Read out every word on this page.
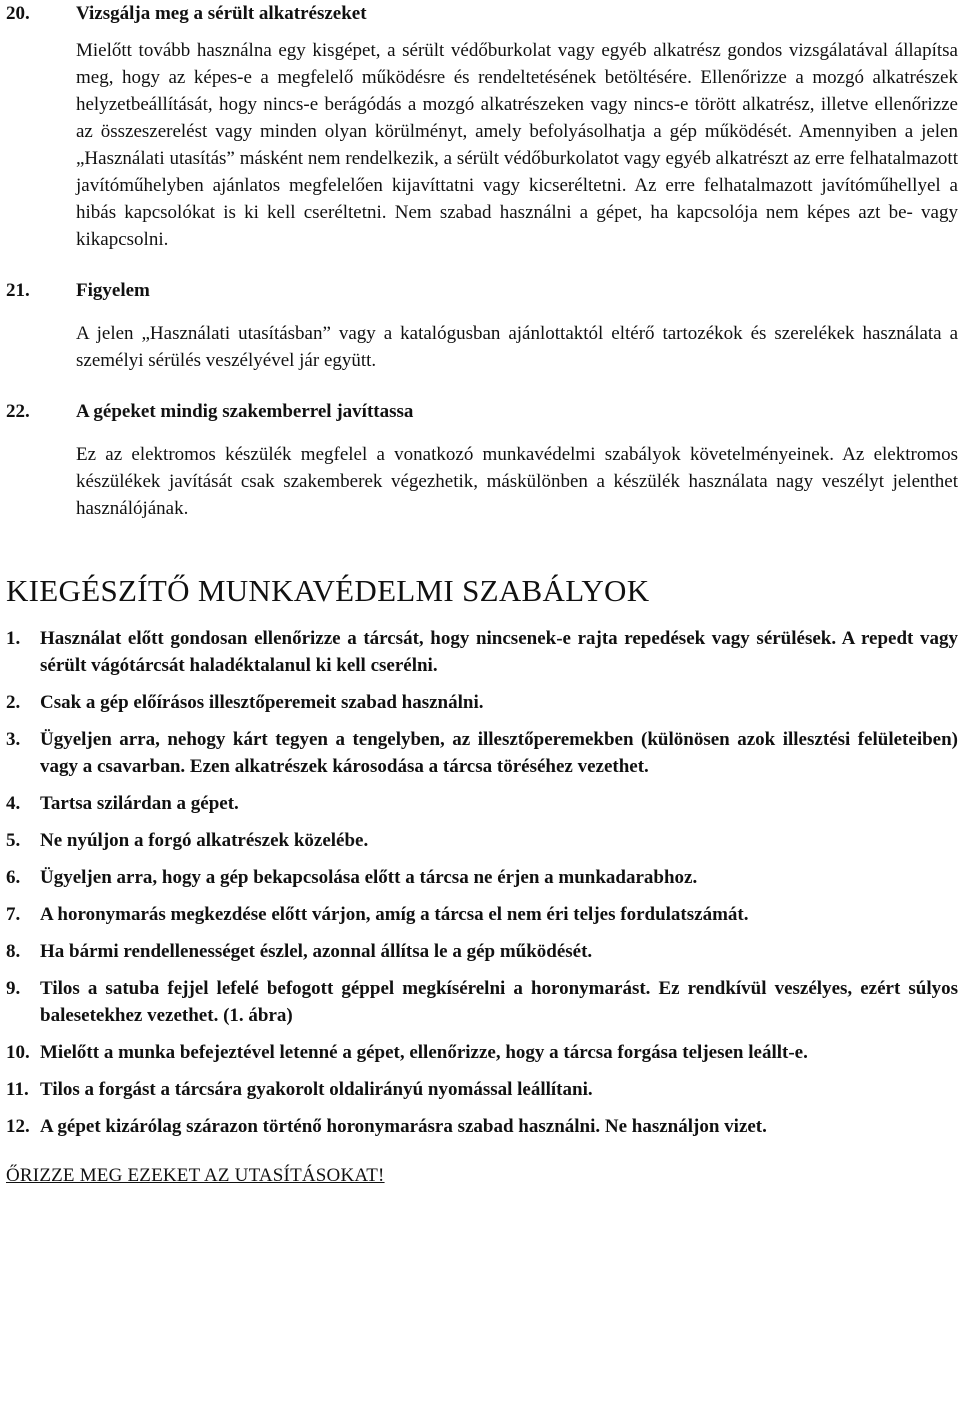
20.	Vizsgálja meg a sérült alkatrészeket
Mielőtt tovább használna egy kisgépet, a sérült védőburkolat vagy egyéb alkatrész gondos vizsgálatával állapítsa meg, hogy az képes-e a megfelelő működésre és rendeltetésének betöltésére. Ellenőrizze a mozgó alkatrészek helyzetbeállítását, hogy nincs-e berágódás a mozgó alkatrészeken vagy nincs-e törött alkatrész, illetve ellenőrizze az összeszerelést vagy minden olyan körülményt, amely befolyásolhatja a gép működését. Amennyiben a jelen „Használati utasítás” másként nem rendelkezik, a sérült védőburkolatot vagy egyéb alkatrészt az erre felhatalmazott javítóműhelyben ajánlatos megfelelően kijavíttatni vagy kicseréltetni. Az erre felhatalmazott javítóműhellyel a hibás kapcsolókat is ki kell cseréltetni. Nem szabad használni a gépet, ha kapcsolója nem képes azt be- vagy kikapcsolni.
21.	Figyelem
A jelen „Használati utasításban” vagy a katalógusban ajánlottaktól eltérő tartozékok és szerelékek használata a személyi sérülés veszélyével jár együtt.
22.	A gépeket mindig szakemberrel javíttassa
Ez az elektromos készülék megfelel a vonatkozó munkavédelmi szabályok követelményeinek. Az elektromos készülékek javítását csak szakemberek végezhetik, máskülönben a készülék használata nagy veszélyt jelenthet használójának.
KIEGÉSZÍTŐ MUNKAVÉDELMI SZABÁLYOK
1.	Használat előtt gondosan ellenőrizze a tárcsát, hogy nincsenek-e rajta repedések vagy sérülések. A repedt vagy sérült vágótárcsát haladéktalanul ki kell cserélni.
2.	Csak a gép előírásos illesztőperemeit szabad használni.
3.	Ügyeljen arra, nehogy kárt tegyen a tengelyben, az illesztőperemekben (különösen azok illesztési felületeiben) vagy a csavarban. Ezen alkatrészek károsodása a tárcsa töréséhez vezethet.
4.	Tartsa szilárdan a gépet.
5.	Ne nyúljon a forgó alkatrészek közelébe.
6.	Ügyeljen arra, hogy a gép bekapcsolása előtt a tárcsa ne érjen a munkadarabhoz.
7.	A horonymarás megkezdése előtt várjon, amíg a tárcsa el nem éri teljes fordulatszámát.
8.	Ha bármi rendellenességet észlel, azonnal állítsa le a gép működését.
9.	Tilos a satuba fejjel lefelé befogott géppel megkísérelni a horonymarást. Ez rendkívül veszélyes, ezért súlyos balesetekhez vezethet. (1. ábra)
10. Mielőtt a munka befejeztével letenné a gépet, ellenőrizze, hogy a tárcsa forgása teljesen leállt-e.
11. Tilos a forgást a tárcsára gyakorolt oldalirányú nyomással leállítani.
12. A gépet kizárólag szárazon történő horonymarásra szabad használni. Ne használjon vizet.
ŐRIZZE MEG EZEKET AZ UTASÍTÁSOKAT!
